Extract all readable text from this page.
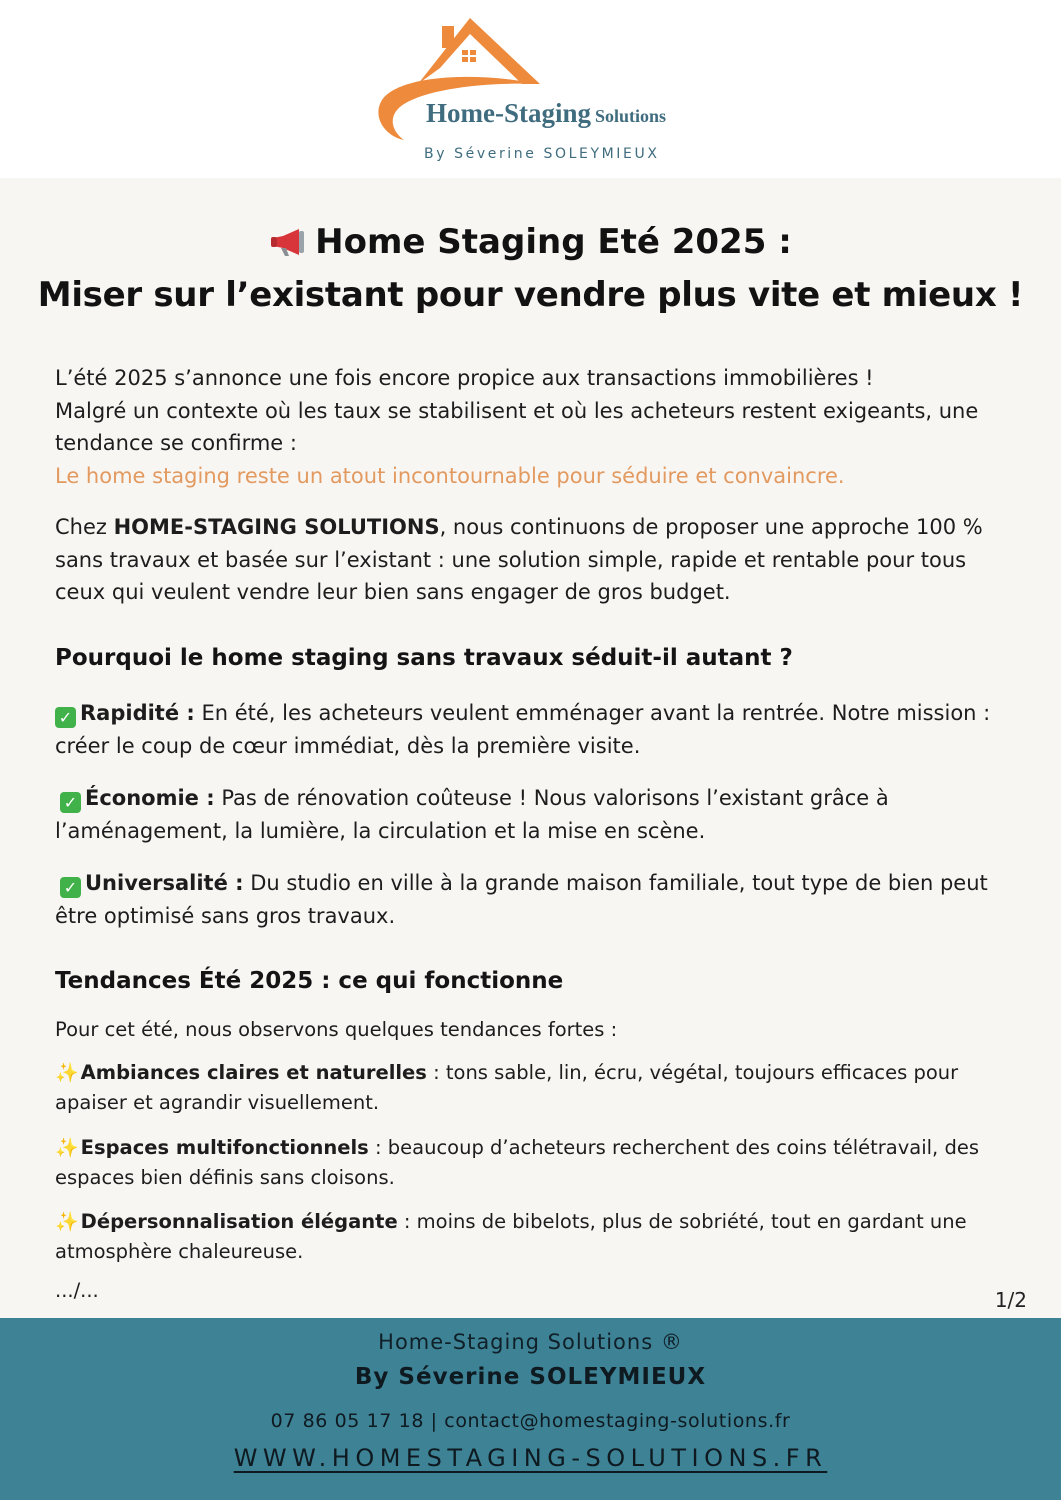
Home-Staging Solutions
By Séverine SOLEYMIEUX
Home Staging Eté 2025 :
Miser sur l’existant pour vendre plus vite et mieux !
L’été 2025 s’annonce une fois encore propice aux transactions immobilières !
Malgré un contexte où les taux se stabilisent et où les acheteurs restent exigeants, une tendance se confirme :
Le home staging reste un atout incontournable pour séduire et convaincre.
Chez HOME-STAGING SOLUTIONS, nous continuons de proposer une approche 100 % sans travaux et basée sur l’existant : une solution simple, rapide et rentable pour tous ceux qui veulent vendre leur bien sans engager de gros budget.
Pourquoi le home staging sans travaux séduit-il autant ?
✓ Rapidité : En été, les acheteurs veulent emménager avant la rentrée. Notre mission : créer le coup de cœur immédiat, dès la première visite.
✓ Économie : Pas de rénovation coûteuse ! Nous valorisons l’existant grâce à l’aménagement, la lumière, la circulation et la mise en scène.
✓ Universalité : Du studio en ville à la grande maison familiale, tout type de bien peut être optimisé sans gros travaux.
Tendances Été 2025 : ce qui fonctionne
Pour cet été, nous observons quelques tendances fortes :
✨ Ambiances claires et naturelles : tons sable, lin, écru, végétal, toujours efficaces pour apaiser et agrandir visuellement.
✨ Espaces multifonctionnels : beaucoup d’acheteurs recherchent des coins télétravail, des espaces bien définis sans cloisons.
✨ Dépersonnalisation élégante : moins de bibelots, plus de sobriété, tout en gardant une atmosphère chaleureuse.
.../...	1/2
Home-Staging Solutions ®
By Séverine SOLEYMIEUX
07 86 05 17 18 | contact@homestaging-solutions.fr
WWW.HOMESTAGING-SOLUTIONS.FR
